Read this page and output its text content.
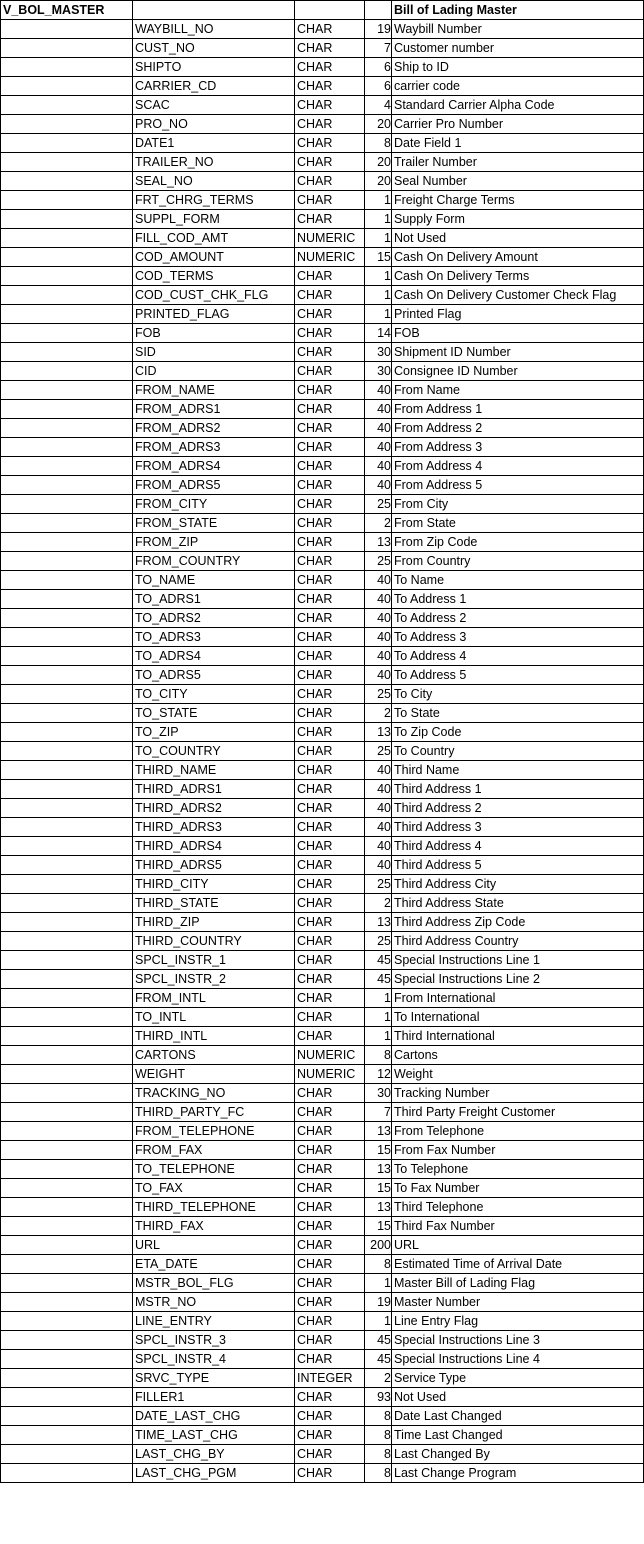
V_BOL_MASTER				Bill of Lading Master
	WAYBILL_NO	CHAR	19	Waybill Number
	CUST_NO	CHAR	7	Customer number
	SHIPTO	CHAR	6	Ship to ID
	CARRIER_CD	CHAR	6	carrier code
	SCAC	CHAR	4	Standard Carrier Alpha Code
	PRO_NO	CHAR	20	Carrier Pro Number
	DATE1	CHAR	8	Date Field 1
	TRAILER_NO	CHAR	20	Trailer Number
	SEAL_NO	CHAR	20	Seal Number
	FRT_CHRG_TERMS	CHAR	1	Freight Charge Terms
	SUPPL_FORM	CHAR	1	Supply Form
	FILL_COD_AMT	NUMERIC	1	Not Used
	COD_AMOUNT	NUMERIC	15	Cash On Delivery Amount
	COD_TERMS	CHAR	1	Cash On Delivery Terms
	COD_CUST_CHK_FLG	CHAR	1	Cash On Delivery Customer Check Flag
	PRINTED_FLAG	CHAR	1	Printed Flag
	FOB	CHAR	14	FOB
	SID	CHAR	30	Shipment ID Number
	CID	CHAR	30	Consignee ID Number
	FROM_NAME	CHAR	40	From Name
	FROM_ADRS1	CHAR	40	From Address 1
	FROM_ADRS2	CHAR	40	From Address 2
	FROM_ADRS3	CHAR	40	From Address 3
	FROM_ADRS4	CHAR	40	From Address 4
	FROM_ADRS5	CHAR	40	From Address 5
	FROM_CITY	CHAR	25	From City
	FROM_STATE	CHAR	2	From State
	FROM_ZIP	CHAR	13	From Zip Code
	FROM_COUNTRY	CHAR	25	From Country
	TO_NAME	CHAR	40	To Name
	TO_ADRS1	CHAR	40	To Address 1
	TO_ADRS2	CHAR	40	To Address 2
	TO_ADRS3	CHAR	40	To Address 3
	TO_ADRS4	CHAR	40	To Address 4
	TO_ADRS5	CHAR	40	To Address 5
	TO_CITY	CHAR	25	To City
	TO_STATE	CHAR	2	To State
	TO_ZIP	CHAR	13	To Zip Code
	TO_COUNTRY	CHAR	25	To Country
	THIRD_NAME	CHAR	40	Third Name
	THIRD_ADRS1	CHAR	40	Third Address 1
	THIRD_ADRS2	CHAR	40	Third Address 2
	THIRD_ADRS3	CHAR	40	Third Address 3
	THIRD_ADRS4	CHAR	40	Third Address 4
	THIRD_ADRS5	CHAR	40	Third Address 5
	THIRD_CITY	CHAR	25	Third Address City
	THIRD_STATE	CHAR	2	Third Address State
	THIRD_ZIP	CHAR	13	Third Address Zip Code
	THIRD_COUNTRY	CHAR	25	Third Address Country
	SPCL_INSTR_1	CHAR	45	Special Instructions Line 1
	SPCL_INSTR_2	CHAR	45	Special Instructions Line 2
	FROM_INTL	CHAR	1	From International
	TO_INTL	CHAR	1	To International
	THIRD_INTL	CHAR	1	Third International
	CARTONS	NUMERIC	8	Cartons
	WEIGHT	NUMERIC	12	Weight
	TRACKING_NO	CHAR	30	Tracking Number
	THIRD_PARTY_FC	CHAR	7	Third Party Freight Customer
	FROM_TELEPHONE	CHAR	13	From Telephone
	FROM_FAX	CHAR	15	From Fax Number
	TO_TELEPHONE	CHAR	13	To Telephone
	TO_FAX	CHAR	15	To Fax Number
	THIRD_TELEPHONE	CHAR	13	Third Telephone
	THIRD_FAX	CHAR	15	Third Fax Number
	URL	CHAR	200	URL
	ETA_DATE	CHAR	8	Estimated Time of Arrival Date
	MSTR_BOL_FLG	CHAR	1	Master Bill of Lading Flag
	MSTR_NO	CHAR	19	Master Number
	LINE_ENTRY	CHAR	1	Line Entry Flag
	SPCL_INSTR_3	CHAR	45	Special Instructions Line 3
	SPCL_INSTR_4	CHAR	45	Special Instructions Line 4
	SRVC_TYPE	INTEGER	2	Service Type
	FILLER1	CHAR	93	Not Used
	DATE_LAST_CHG	CHAR	8	Date Last Changed
	TIME_LAST_CHG	CHAR	8	Time Last Changed
	LAST_CHG_BY	CHAR	8	Last Changed By
	LAST_CHG_PGM	CHAR	8	Last Change Program
